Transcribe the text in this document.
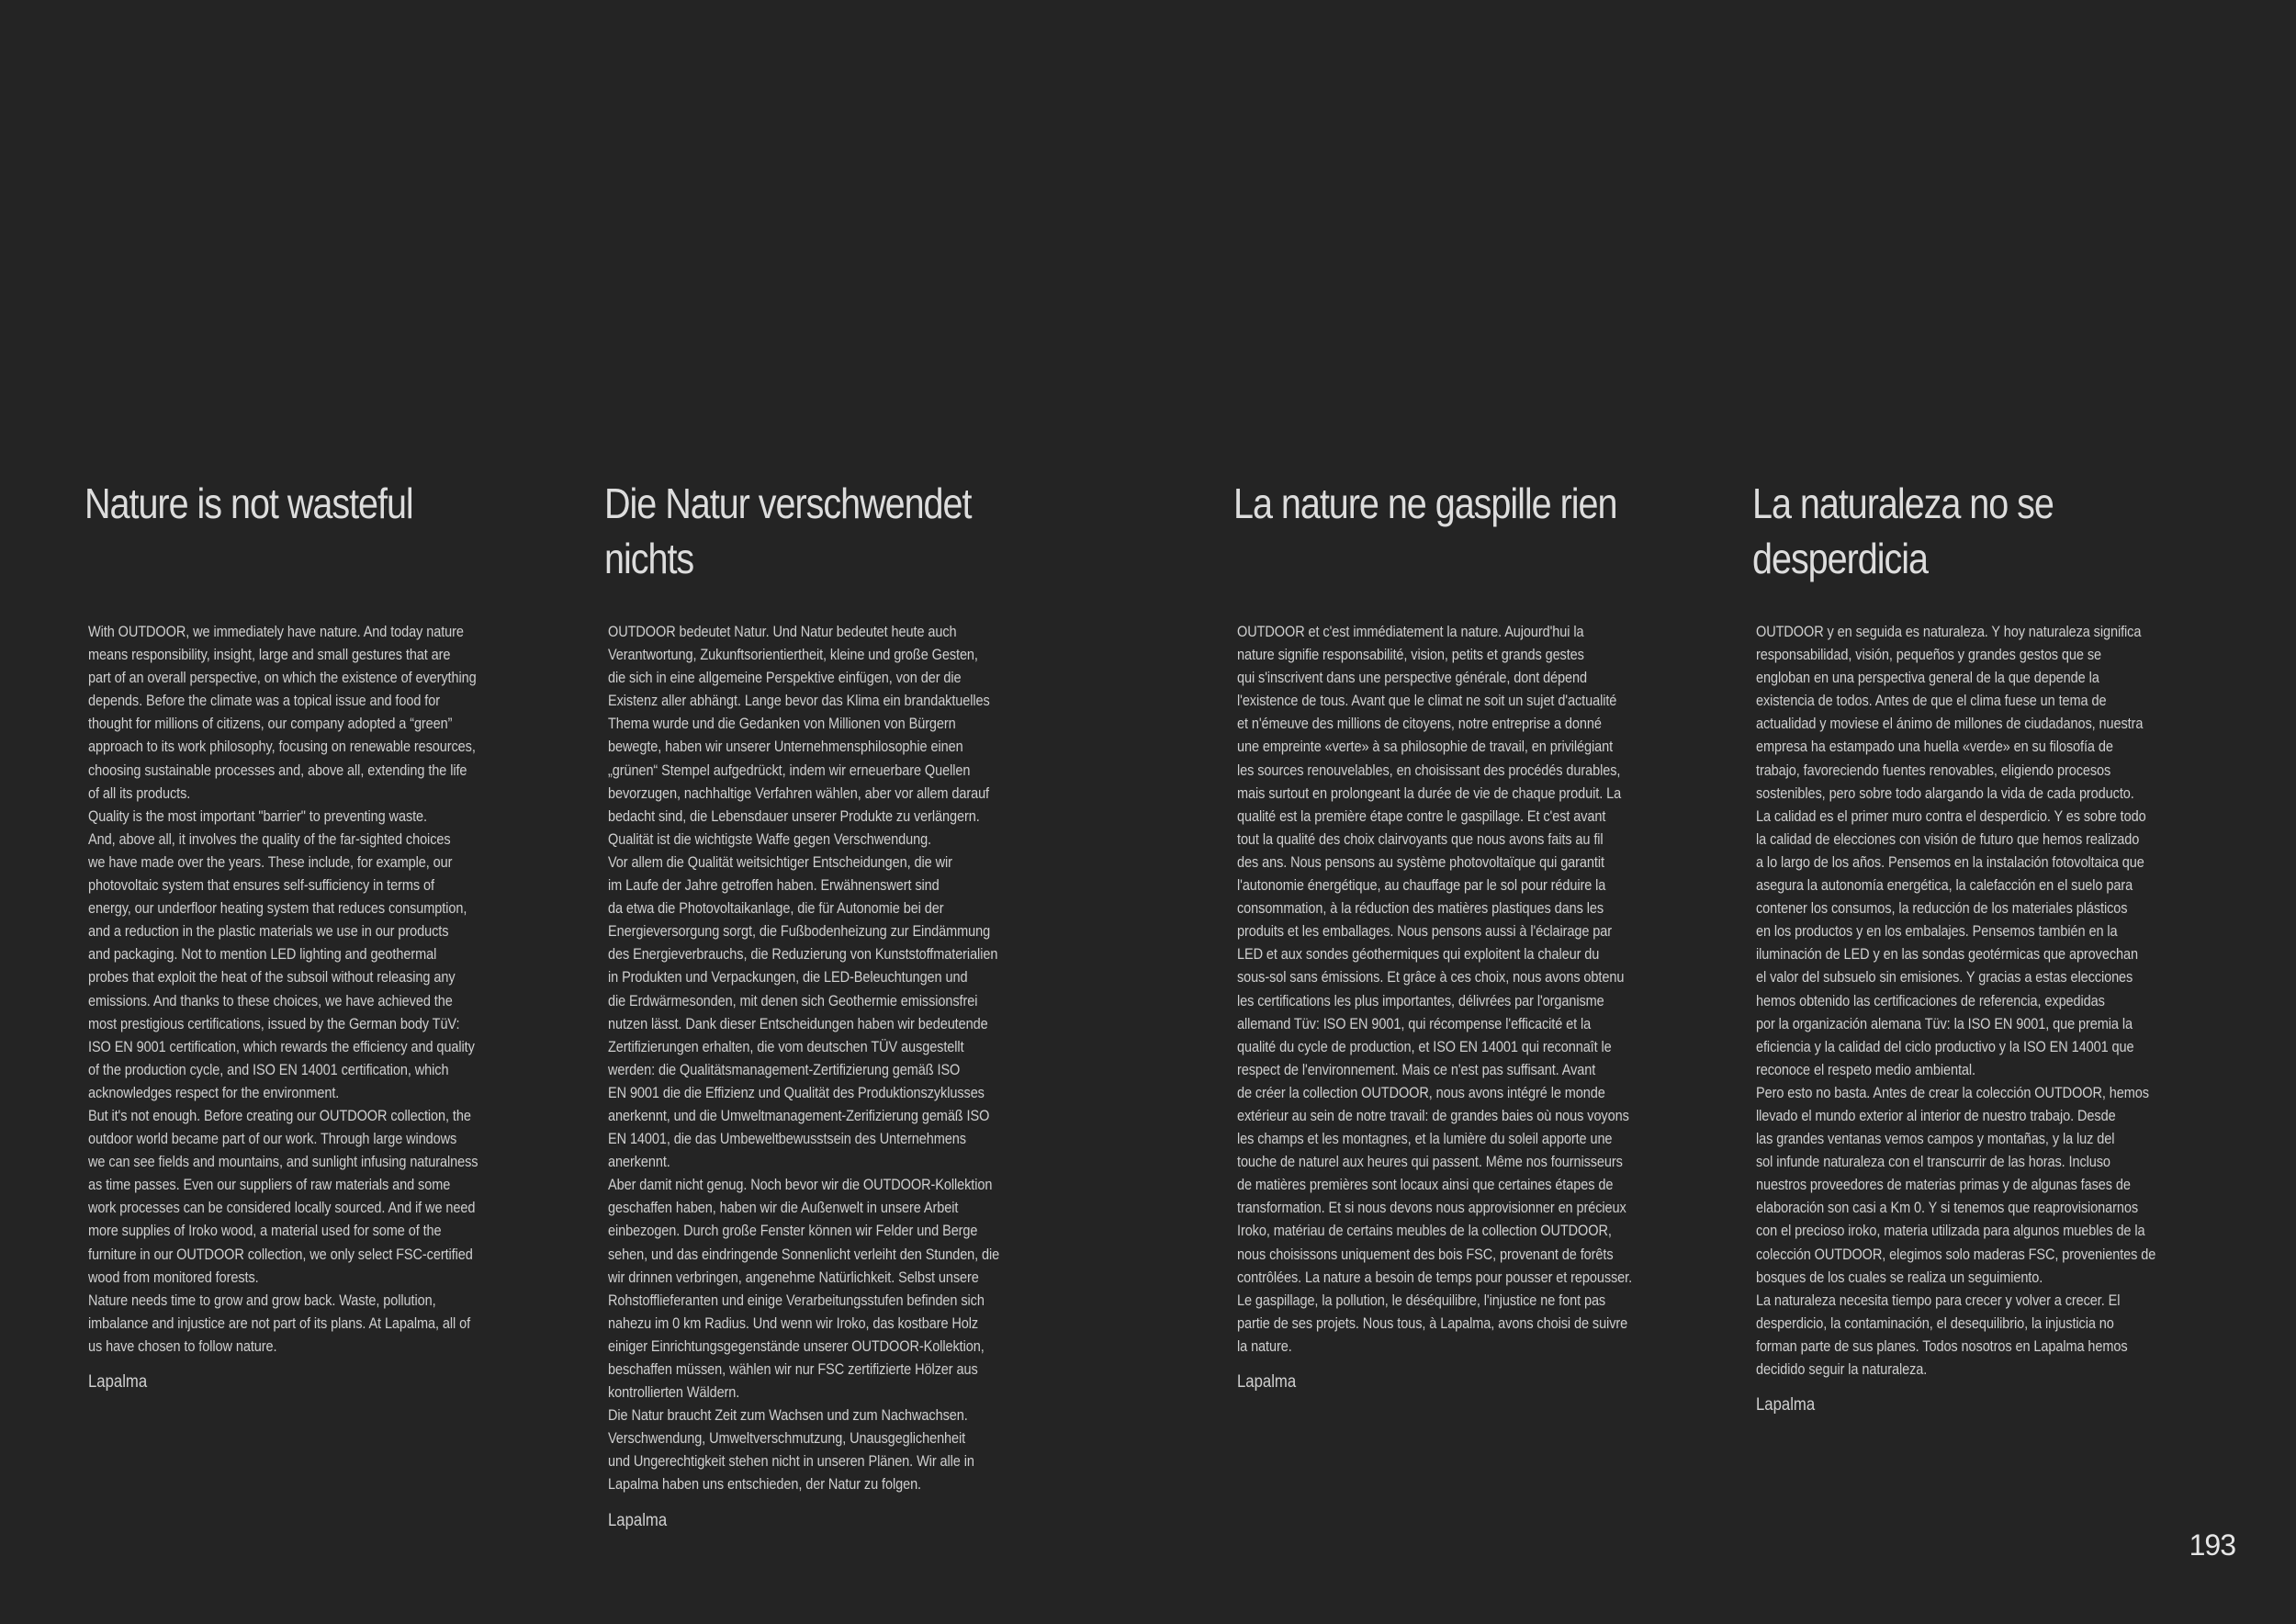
Nature is not wasteful

With OUTDOOR, we immediately have nature. And today nature
means responsibility, insight, large and small gestures that are
part of an overall perspective, on which the existence of everything
depends. Before the climate was a topical issue and food for
thought for millions of citizens, our company adopted a “green”
approach to its work philosophy, focusing on renewable resources,
choosing sustainable processes and, above all, extending the life
of all its products.

Quality is the most important "barrier" to preventing waste.
And, above all, it involves the quality of the far-sighted choices
we have made over the years. These include, for example, our
photovoltaic system that ensures self-sufficiency in terms of
energy, our underfloor heating system that reduces consumption,
and a reduction in the plastic materials we use in our products
and packaging. Not to mention LED lighting and geothermal
probes that exploit the heat of the subsoil without releasing any
emissions. And thanks to these choices, we have achieved the
most prestigious certifications, issued by the German body TüV:
ISO EN 9001 certification, which rewards the efficiency and quality
of the production cycle, and ISO EN 14001 certification, which
acknowledges respect for the environment.

But it's not enough. Before creating our OUTDOOR collection, the
outdoor world became part of our work. Through large windows
we can see fields and mountains, and sunlight infusing naturalness
as time passes. Even our suppliers of raw materials and some
work processes can be considered locally sourced. And if we need
more supplies of Iroko wood, a material used for some of the
furniture in our OUTDOOR collection, we only select FSC-certified
wood from monitored forests.

Nature needs time to grow and grow back. Waste, pollution,
imbalance and injustice are not part of its plans. At Lapalma, all of
us have chosen to follow nature.

Lapalma

Die Natur verschwendet
nichts

OUTDOOR bedeutet Natur. Und Natur bedeutet heute auch
Verantwortung, Zukunftsorientiertheit, kleine und große Gesten,
die sich in eine allgemeine Perspektive einfügen, von der die
Existenz aller abhängt. Lange bevor das Klima ein brandaktuelles
Thema wurde und die Gedanken von Millionen von Bürgern
bewegte, haben wir unserer Unternehmensphilosophie einen
„grünen“ Stempel aufgedrückt, indem wir erneuerbare Quellen
bevorzugen, nachhaltige Verfahren wählen, aber vor allem darauf
bedacht sind, die Lebensdauer unserer Produkte zu verlängern.

Qualität ist die wichtigste Waffe gegen Verschwendung.
Vor allem die Qualität weitsichtiger Entscheidungen, die wir
im Laufe der Jahre getroffen haben. Erwähnenswert sind
da etwa die Photovoltaikanlage, die für Autonomie bei der
Energieversorgung sorgt, die Fußbodenheizung zur Eindämmung
des Energieverbrauchs, die Reduzierung von Kunststoffmaterialien
in Produkten und Verpackungen, die LED-Beleuchtungen und
die Erdwärmesonden, mit denen sich Geothermie emissionsfrei
nutzen lässt. Dank dieser Entscheidungen haben wir bedeutende
Zertifizierungen erhalten, die vom deutschen TÜV ausgestellt
werden: die Qualitätsmanagement-Zertifizierung gemäß ISO
EN 9001 die die Effizienz und Qualität des Produktionszyklusses
anerkennt, und die Umweltmanagement-Zerifizierung gemäß ISO
EN 14001, die das Umbeweltbewusstsein des Unternehmens
anerkennt.

Aber damit nicht genug. Noch bevor wir die OUTDOOR-Kollektion
geschaffen haben, haben wir die Außenwelt in unsere Arbeit
einbezogen. Durch große Fenster können wir Felder und Berge
sehen, und das eindringende Sonnenlicht verleiht den Stunden, die
wir drinnen verbringen, angenehme Natürlichkeit. Selbst unsere
Rohstofflieferanten und einige Verarbeitungsstufen befinden sich
nahezu im 0 km Radius. Und wenn wir Iroko, das kostbare Holz
einiger Einrichtungsgegenstände unserer OUTDOOR-Kollektion,
beschaffen müssen, wählen wir nur FSC zertifizierte Hölzer aus
kontrollierten Wäldern.

Die Natur braucht Zeit zum Wachsen und zum Nachwachsen.
Verschwendung, Umweltverschmutzung, Unausgeglichenheit
und Ungerechtigkeit stehen nicht in unseren Plänen. Wir alle in
Lapalma haben uns entschieden, der Natur zu folgen.

Lapalma

La nature ne gaspille rien

OUTDOOR et c'est immédiatement la nature. Aujourd'hui la
nature signifie responsabilité, vision, petits et grands gestes
qui s'inscrivent dans une perspective générale, dont dépend
l'existence de tous. Avant que le climat ne soit un sujet d'actualité
et n'émeuve des millions de citoyens, notre entreprise a donné
une empreinte «verte» à sa philosophie de travail, en privilégiant
les sources renouvelables, en choisissant des procédés durables,
mais surtout en prolongeant la durée de vie de chaque produit. La
qualité est la première étape contre le gaspillage. Et c'est avant
tout la qualité des choix clairvoyants que nous avons faits au fil
des ans. Nous pensons au système photovoltaïque qui garantit
l'autonomie énergétique, au chauffage par le sol pour réduire la
consommation, à la réduction des matières plastiques dans les
produits et les emballages. Nous pensons aussi à l'éclairage par
LED et aux sondes géothermiques qui exploitent la chaleur du
sous-sol sans émissions. Et grâce à ces choix, nous avons obtenu
les certifications les plus importantes, délivrées par l'organisme
allemand Tüv: ISO EN 9001, qui récompense l'efficacité et la
qualité du cycle de production, et ISO EN 14001 qui reconnaît le
respect de l'environnement. Mais ce n'est pas suffisant. Avant
de créer la collection OUTDOOR, nous avons intégré le monde
extérieur au sein de notre travail: de grandes baies où nous voyons
les champs et les montagnes, et la lumière du soleil apporte une
touche de naturel aux heures qui passent. Même nos fournisseurs
de matières premières sont locaux ainsi que certaines étapes de
transformation. Et si nous devons nous approvisionner en précieux
Iroko, matériau de certains meubles de la collection OUTDOOR,
nous choisissons uniquement des bois FSC, provenant de forêts
contrôlées. La nature a besoin de temps pour pousser et repousser.
Le gaspillage, la pollution, le déséquilibre, l'injustice ne font pas
partie de ses projets. Nous tous, à Lapalma, avons choisi de suivre
la nature.

Lapalma

La naturaleza no se
desperdicia

OUTDOOR y en seguida es naturaleza. Y hoy naturaleza significa
responsabilidad, visión, pequeños y grandes gestos que se
englo​ban en una perspectiva general de la que depende la
existencia de todos. Antes de que el clima fuese un tema de
actualidad y moviese el ánimo de millones de ciudadanos, nuestra
empresa ha estampado una huella «verde» en su filosofía de
trabajo, favoreciendo fuentes renovables, eligiendo procesos
sostenibles, pero sobre todo alargando la vida de cada producto.

La calidad es el primer muro contra el desperdicio. Y es sobre todo
la calidad de elecciones con visión de futuro que hemos realizado
a lo largo de los años. Pensemos en la instalación fotovoltaica que
asegura la autonomía energética, la calefacción en el suelo para
contener los consumos, la reducción de los materiales plásticos
en los productos y en los embalajes. Pensemos también en la
iluminación de LED y en las sondas geotérmicas que aprovechan
el valor del subsuelo sin emisiones. Y gracias a estas elecciones
hemos obtenido las certificaciones de referencia, expedidas
por la organización alemana Tüv: la ISO EN 9001, que premia la
eficiencia y la calidad del ciclo productivo y la ISO EN 14001 que
reconoce el respeto medio ambiental.

Pero esto no basta. Antes de crear la colección OUTDOOR, hemos
llevado el mundo exterior al interior de nuestro trabajo. Desde
las grandes ventanas vemos campos y montañas, y la luz del
sol infunde naturaleza con el transcurrir de las horas. Incluso
nuestros proveedores de materias primas y de algunas fases de
elaboración son casi a Km 0. Y si tenemos que reaprovisionarnos
con el precioso iroko, materia utilizada para algunos muebles de la
colección OUTDOOR, elegimos solo maderas FSC, provenientes de
bosques de los cuales se realiza un seguimiento.

La naturaleza necesita tiempo para crecer y volver a crecer. El
desperdicio, la contaminación, el desequilibrio, la injusticia no
forman parte de sus planes. Todos nosotros en Lapalma hemos
decidido seguir la naturaleza.

Lapalma

193
